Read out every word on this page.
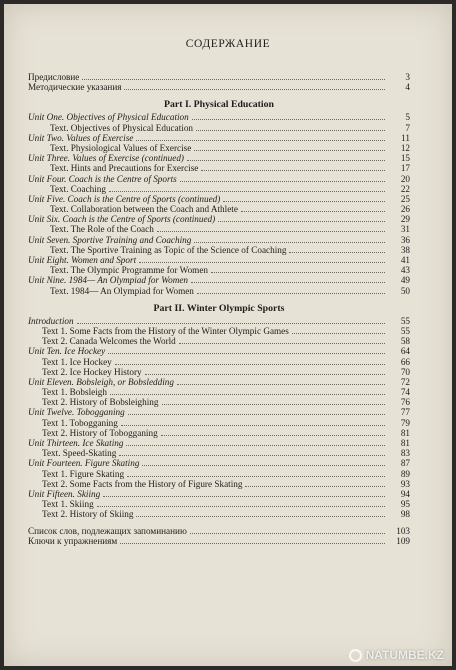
СОДЕРЖАНИЕ
Предисловие	3
Методические указания	4
Part I. Physical Education
Unit One. Objectives of Physical Education	5
Text. Objectives of Physical Education	7
Unit Two. Values of Exercise	11
Text. Physiological Values of Exercise	12
Unit Three. Values of Exercise (continued)	15
Text. Hints and Precautions for Exercise	17
Unit Four. Coach is the Centre of Sports	20
Text. Coaching	22
Unit Five. Coach is the Centre of Sports (continued)	25
Text. Collaboration between the Coach and Athlete	26
Unit Six. Coach is the Centre of Sports (continued)	29
Text. The Role of the Coach	31
Unit Seven. Sportive Training and Coaching	36
Text. The Sportive Training as Topic of the Science of Coaching	38
Unit Eight. Women and Sport	41
Text. The Olympic Programme for Women	43
Unit Nine. 1984— An Olympiad for Women	49
Text. 1984— An Olympiad for Women	50
Part II. Winter Olympic Sports
Introduction	55
Text 1. Some Facts from the History of the Winter Olympic Games	55
Text 2. Canada Welcomes the World	58
Unit Ten. Ice Hockey	64
Text 1. Ice Hockey	66
Text 2. Ice Hockey History	70
Unit Eleven. Bobsleigh, or Bobsledding	72
Text 1. Bobsleigh	74
Text 2. History of Bobsleighing	76
Unit Twelve. Tobogganing	77
Text 1. Tobogganing	79
Text 2. History of Tobogganing	81
Unit Thirteen. Ice Skating	81
Text. Speed-Skating	83
Unit Fourteen. Figure Skating	87
Text 1. Figure Skating	89
Text 2. Some Facts from the History of Figure Skating	93
Unit Fifteen. Skiing	94
Text 1. Skiing	95
Text 2. History of Skiing	98
Список слов, подлежащих запоминанию	103
Ключи к упражнениям	109
NATUMBE.KZ
